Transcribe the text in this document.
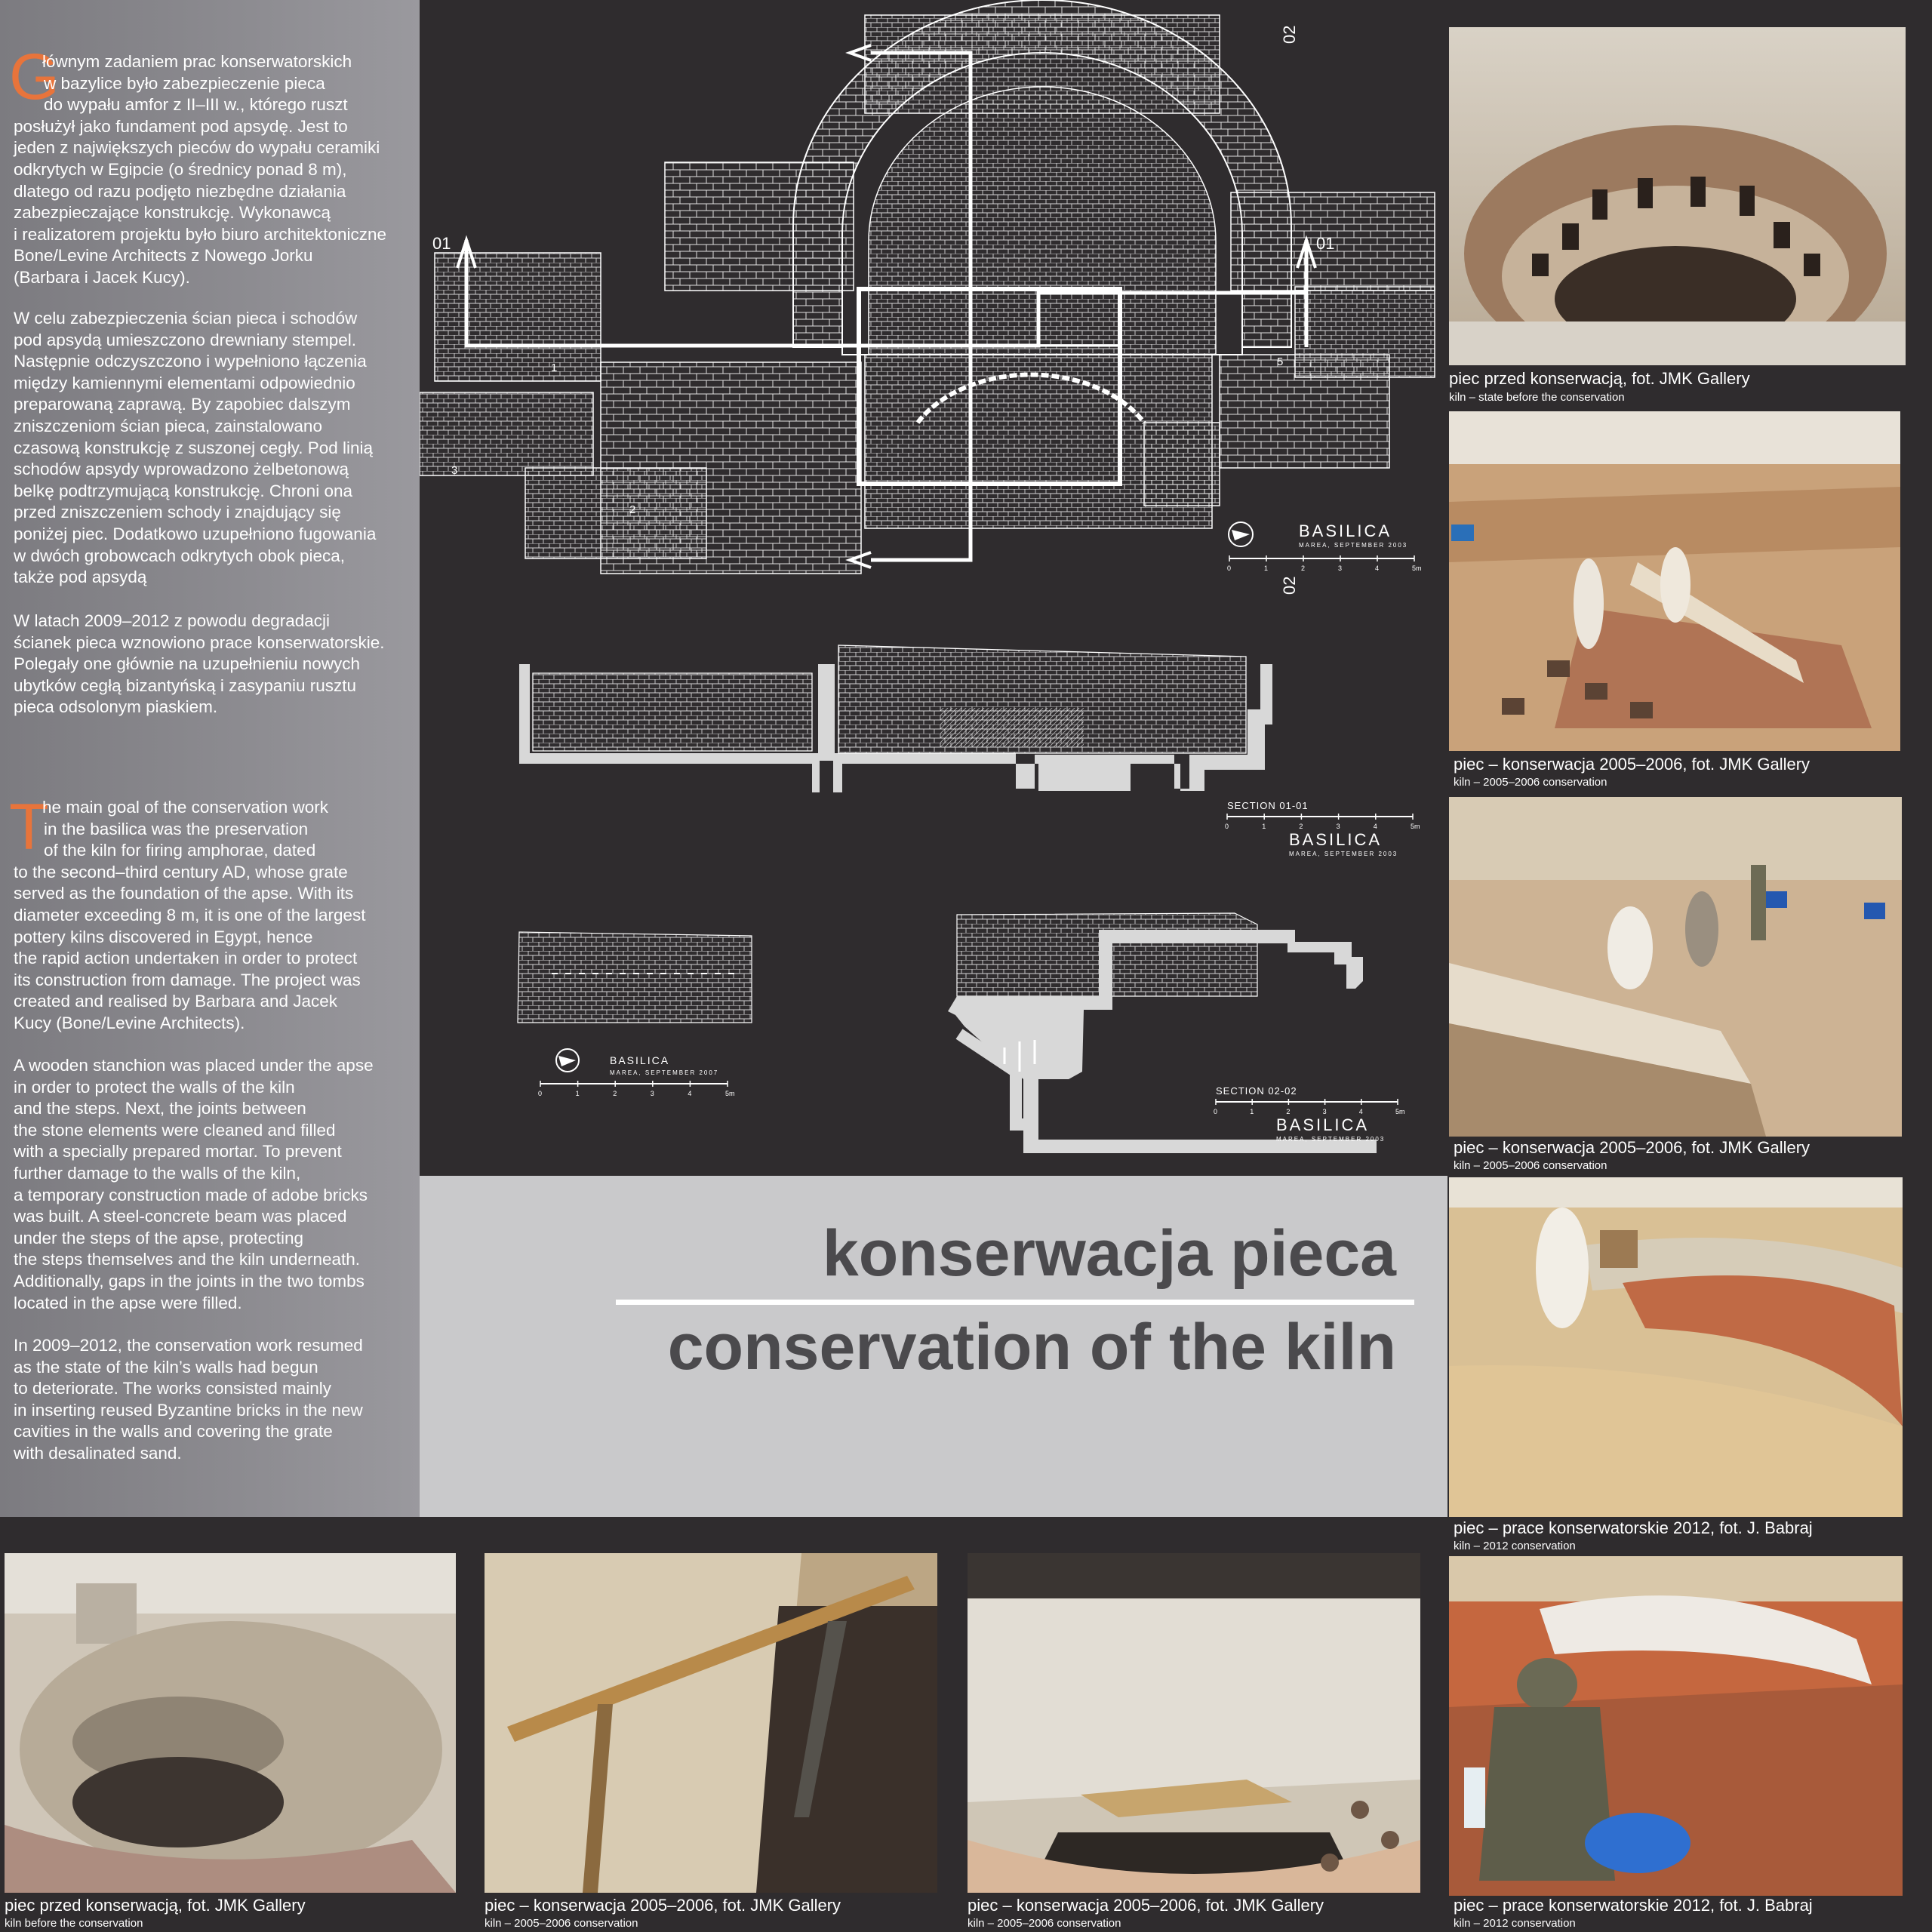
G
łównym zadaniem prac konserwatorskich
w bazylice było zabezpieczenie pieca
do wypału amfor z II–III w., którego ruszt
posłużył jako fundament pod apsydę. Jest to
jeden z największych pieców do wypału ceramiki
odkrytych w Egipcie (o średnicy ponad 8 m),
dlatego od razu podjęto niezbędne działania
zabezpieczające konstrukcję. Wykonawcą
i realizatorem projektu było biuro architektoniczne
Bone/Levine Architects z Nowego Jorku
(Barbara i Jacek Kucy).
W celu zabezpieczenia ścian pieca i schodów
pod apsydą umieszczono drewniany stempel.
Następnie odczyszczono i wypełniono łączenia
między kamiennymi elementami odpowiednio
preparowaną zaprawą. By zapobiec dalszym
zniszczeniom ścian pieca, zainstalowano
czasową konstrukcję z suszonej cegły. Pod linią
schodów apsydy wprowadzono żelbetonową
belkę podtrzymującą konstrukcję. Chroni ona
przed zniszczeniem schody i znajdujący się
poniżej piec. Dodatkowo uzupełniono fugowania
w dwóch grobowcach odkrytych obok pieca,
także pod apsydą
W latach 2009–2012 z powodu degradacji
ścianek pieca wznowiono prace konserwatorskie.
Polegały one głównie na uzupełnieniu nowych
ubytków cegłą bizantyńską i zasypaniu rusztu
pieca odsolonym piaskiem.
T
he main goal of the conservation work
in the basilica was the preservation
of the kiln for firing amphorae, dated
to the second–third century AD, whose grate
served as the foundation of the apse. With its
diameter exceeding 8 m, it is one of the largest
pottery kilns discovered in Egypt, hence
the rapid action undertaken in order to protect
its construction from damage. The project was
created and realised by Barbara and Jacek
Kucy (Bone/Levine Architects).
A wooden stanchion was placed under the apse
in order to protect the walls of the kiln
and the steps. Next, the joints between
the stone elements were cleaned and filled
with a specially prepared mortar. To prevent
further damage to the walls of the kiln,
a temporary construction made of adobe bricks
was built. A steel-concrete beam was placed
under the steps of the apse, protecting
the steps themselves and the kiln underneath.
Additionally, gaps in the joints in the two tombs
located in the apse were filled.
In 2009–2012, the conservation work resumed
as the state of the kiln’s walls had begun
to deteriorate. The works consisted mainly
in inserting reused Byzantine bricks in the new
cavities in the walls and covering the grate
with desalinated sand.
01	01
02
02
1
2
3
5
BASILICA
MAREA, SEPTEMBER 2003
0	1	2	3	4	5m
SECTION 01-01
0	1	2	3	4	5m
BASILICA
MAREA, SEPTEMBER 2003
BASILICA
MAREA, SEPTEMBER 2007
0	1	2	3	4	5m	SECTION 02-02
0	1	2	3	4	5m
BASILICA
MAREA, SEPTEMBER 2003
konserwacja pieca
conservation of the kiln
piec przed konserwacją, fot. JMK Gallery
kiln – state before the conservation
piec – konserwacja 2005–2006, fot. JMK Gallery
kiln – 2005–2006 conservation
piec – konserwacja 2005–2006, fot. JMK Gallery
kiln – 2005–2006 conservation
piec – prace konserwatorskie 2012, fot. J. Babraj
kiln – 2012 conservation
piec przed konserwacją, fot. JMK Gallery
kiln before the conservation
piec – konserwacja 2005–2006, fot. JMK Gallery
kiln – 2005–2006 conservation
piec – konserwacja 2005–2006, fot. JMK Gallery
kiln – 2005–2006 conservation
piec – prace konserwatorskie 2012, fot. J. Babraj
kiln – 2012 conservation
